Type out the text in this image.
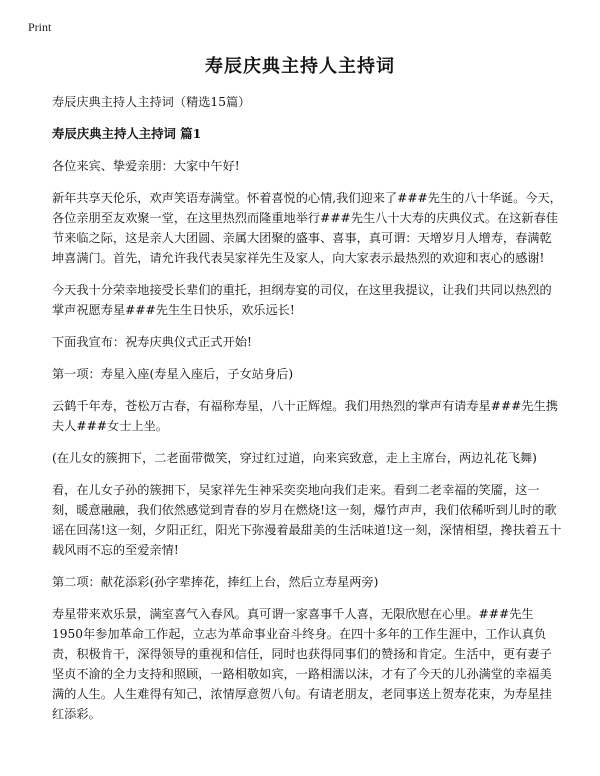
Print
寿辰庆典主持人主持词

寿辰庆典主持人主持词（精选15篇）

寿辰庆典主持人主持词 篇1

各位来宾、挚爱亲朋：大家中午好!

新年共享天伦乐，欢声笑语寿满堂。怀着喜悦的心情,我们迎来了###先生的八十华诞。今天，各位亲朋至友欢聚一堂，在这里热烈而隆重地举行###先生八十大寿的庆典仪式。在这新春佳节来临之际，这是亲人大团圆、亲属大团聚的盛事、喜事，真可谓：天增岁月人增寿，春满乾坤喜满门。首先，请允许我代表吴家祥先生及家人，向大家表示最热烈的欢迎和衷心的感谢!

今天我十分荣幸地接受长辈们的重托，担纲寿宴的司仪，在这里我提议，让我们共同以热烈的掌声祝愿寿星###先生生日快乐，欢乐远长!

下面我宣布：祝寿庆典仪式正式开始!

第一项：寿星入座(寿星入座后，子女站身后)

云鹤千年寿，苍松万古春，有福称寿星，八十正辉煌。我们用热烈的掌声有请寿星###先生携夫人###女士上坐。

(在儿女的簇拥下，二老面带微笑，穿过红过道，向来宾致意，走上主席台，两边礼花飞舞)

看，在儿女子孙的簇拥下，吴家祥先生神采奕奕地向我们走来。看到二老幸福的笑靥，这一刻，暖意融融，我们依然感觉到青春的岁月在燃烧!这一刻，爆竹声声，我们依稀听到儿时的歌谣在回荡!这一刻，夕阳正红，阳光下弥漫着最甜美的生活味道!这一刻，深情相望，搀扶着五十载风雨不忘的至爱亲情!

第二项：献花添彩(孙字辈捧花，捧红上台，然后立寿星两旁)

寿星带来欢乐景，满室喜气入春风。真可谓一家喜事千人喜，无限欣慰在心里。###先生1950年参加革命工作起，立志为革命事业奋斗终身。在四十多年的工作生涯中，工作认真负责，积极肯干，深得领导的重视和信任，同时也获得同事们的赞扬和肯定。生活中，更有妻子坚贞不渝的全力支持和照顾，一路相敬如宾，一路相濡以沫，才有了今天的儿孙满堂的幸福美满的人生。人生难得有知己，浓情厚意贺八旬。有请老朋友，老同事送上贺寿花束，为寿星挂红添彩。
